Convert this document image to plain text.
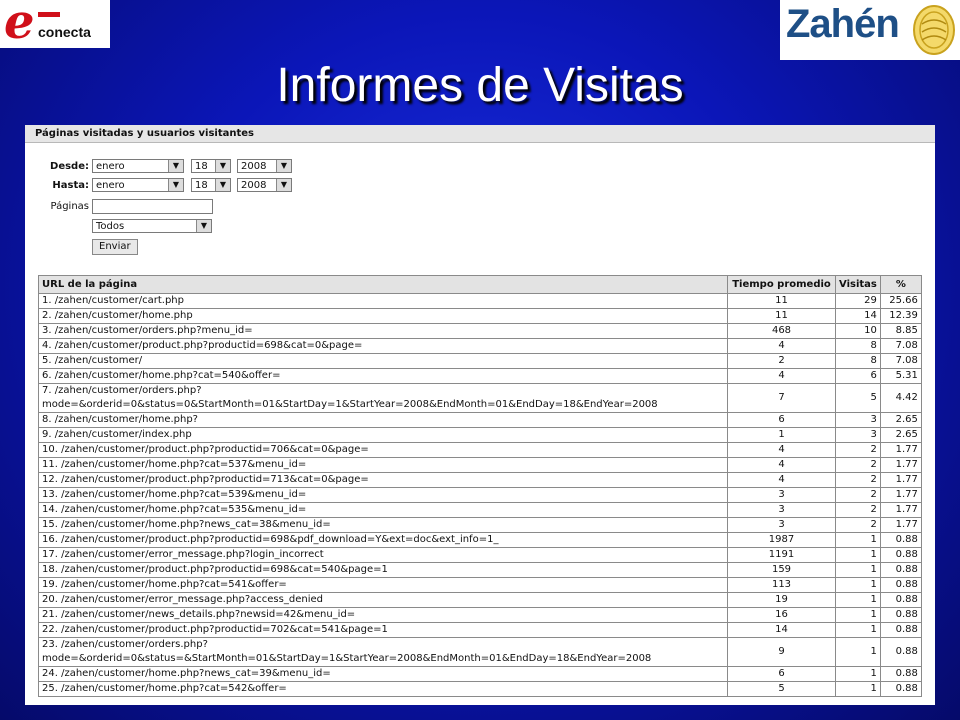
e conecta	Zahén
Informes de Visitas
Páginas visitadas y usuarios visitantes
Desde: enero	▼	18	▼	2008	▼
Hasta: enero	▼	18	▼	2008	▼
Páginas
Todos	▼
Enviar
URL de la página	Tiempo promedio	Visitas	%
1. /zahen/customer/cart.php	11	29	25.66
2. /zahen/customer/home.php	11	14	12.39
3. /zahen/customer/orders.php?menu_id=	468	10	8.85
4. /zahen/customer/product.php?productid=698&cat=0&page=	4	8	7.08
5. /zahen/customer/	2	8	7.08
6. /zahen/customer/home.php?cat=540&offer=	4	6	5.31
7. /zahen/customer/orders.php?
mode=&orderid=0&status=0&StartMonth=01&StartDay=1&StartYear=2008&EndMonth=01&EndDay=18&EndYear=2008	7	5	4.42
8. /zahen/customer/home.php?	6	3	2.65
9. /zahen/customer/index.php	1	3	2.65
10. /zahen/customer/product.php?productid=706&cat=0&page=	4	2	1.77
11. /zahen/customer/home.php?cat=537&menu_id=	4	2	1.77
12. /zahen/customer/product.php?productid=713&cat=0&page=	4	2	1.77
13. /zahen/customer/home.php?cat=539&menu_id=	3	2	1.77
14. /zahen/customer/home.php?cat=535&menu_id=	3	2	1.77
15. /zahen/customer/home.php?news_cat=38&menu_id=	3	2	1.77
16. /zahen/customer/product.php?productid=698&pdf_download=Y&ext=doc&ext_info=1_	1987	1	0.88
17. /zahen/customer/error_message.php?login_incorrect	1191	1	0.88
18. /zahen/customer/product.php?productid=698&cat=540&page=1	159	1	0.88
19. /zahen/customer/home.php?cat=541&offer=	113	1	0.88
20. /zahen/customer/error_message.php?access_denied	19	1	0.88
21. /zahen/customer/news_details.php?newsid=42&menu_id=	16	1	0.88
22. /zahen/customer/product.php?productid=702&cat=541&page=1	14	1	0.88
23. /zahen/customer/orders.php?
mode=&orderid=0&status=&StartMonth=01&StartDay=1&StartYear=2008&EndMonth=01&EndDay=18&EndYear=2008	9	1	0.88
24. /zahen/customer/home.php?news_cat=39&menu_id=	6	1	0.88
25. /zahen/customer/home.php?cat=542&offer=	5	1	0.88
